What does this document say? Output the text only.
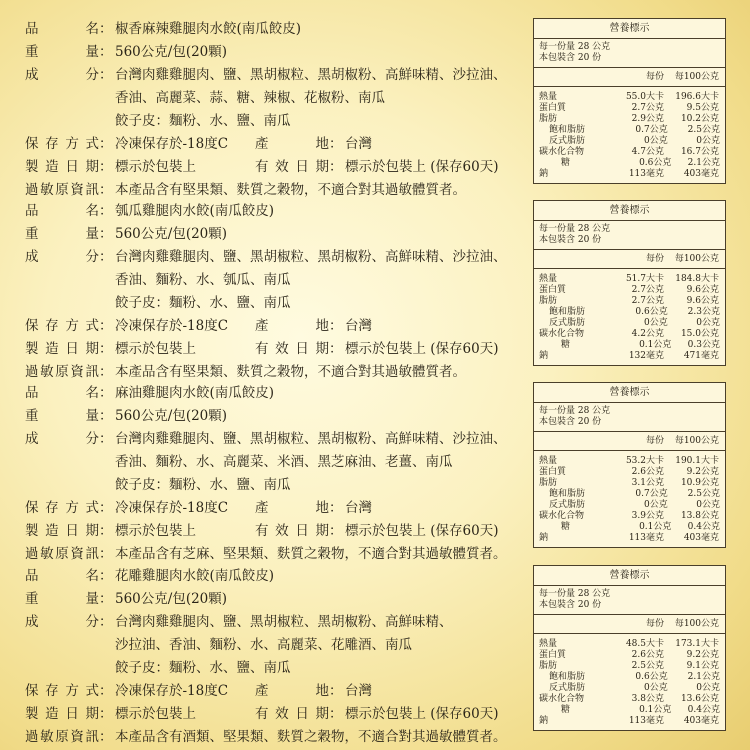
品名 ： 椒香麻辣雞腿肉水餃(南瓜餃皮)
重量 ： 560公克/包(20顆)
成分 ： 台灣肉雞雞腿肉、鹽、黑胡椒粒、黑胡椒粉、高鮮味精、沙拉油、
香油、高麗菜、蒜、糖、辣椒、花椒粉、南瓜
餃子皮：麵粉、水、鹽、南瓜
保存方式 ： 冷凍保存於-18度C	產地 ： 台灣
製造日期 ： 標示於包裝上	有效日期 ： 標示於包裝上 (保存60天)
過敏原資訊 ： 本產品含有堅果類、麩質之穀物，不適合對其過敏體質者。
營養標示
每一份量 28 公克
本包裝含 20 份
每份	每100公克
熱量	55.0大卡	196.6大卡
蛋白質	2.7公克	9.5公克
脂肪	2.9公克	10.2公克
飽和脂肪	0.7公克	2.5公克
反式脂肪	0公克	0公克
碳水化合物	4.7公克	16.7公克
糖	0.6公克	2.1公克
鈉	113毫克	403毫克
品名 ： 瓠瓜雞腿肉水餃(南瓜餃皮)
重量 ： 560公克/包(20顆)
成分 ： 台灣肉雞雞腿肉、鹽、黑胡椒粒、黑胡椒粉、高鮮味精、沙拉油、
香油、麵粉、水、瓠瓜、南瓜
餃子皮：麵粉、水、鹽、南瓜
保存方式 ： 冷凍保存於-18度C	產地 ： 台灣
製造日期 ： 標示於包裝上	有效日期 ： 標示於包裝上 (保存60天)
過敏原資訊 ： 本產品含有堅果類、麩質之穀物，不適合對其過敏體質者。
營養標示
每一份量 28 公克
本包裝含 20 份
每份	每100公克
熱量	51.7大卡	184.8大卡
蛋白質	2.7公克	9.6公克
脂肪	2.7公克	9.6公克
飽和脂肪	0.6公克	2.3公克
反式脂肪	0公克	0公克
碳水化合物	4.2公克	15.0公克
糖	0.1公克	0.3公克
鈉	132毫克	471毫克
品名 ： 麻油雞腿肉水餃(南瓜餃皮)
重量 ： 560公克/包(20顆)
成分 ： 台灣肉雞雞腿肉、鹽、黑胡椒粒、黑胡椒粉、高鮮味精、沙拉油、
香油、麵粉、水、高麗菜、米酒、黑芝麻油、老薑、南瓜
餃子皮：麵粉、水、鹽、南瓜
保存方式 ： 冷凍保存於-18度C	產地 ： 台灣
製造日期 ： 標示於包裝上	有效日期 ： 標示於包裝上 (保存60天)
過敏原資訊 ： 本產品含有芝麻、堅果類、麩質之穀物，不適合對其過敏體質者。
營養標示
每一份量 28 公克
本包裝含 20 份
每份	每100公克
熱量	53.2大卡	190.1大卡
蛋白質	2.6公克	9.2公克
脂肪	3.1公克	10.9公克
飽和脂肪	0.7公克	2.5公克
反式脂肪	0公克	0公克
碳水化合物	3.9公克	13.8公克
糖	0.1公克	0.4公克
鈉	113毫克	403毫克
品名 ： 花雕雞腿肉水餃(南瓜餃皮)
重量 ： 560公克/包(20顆)
成分 ： 台灣肉雞雞腿肉、鹽、黑胡椒粒、黑胡椒粉、高鮮味精、
沙拉油、香油、麵粉、水、高麗菜、花雕酒、南瓜
餃子皮：麵粉、水、鹽、南瓜
保存方式 ： 冷凍保存於-18度C	產地 ： 台灣
製造日期 ： 標示於包裝上	有效日期 ： 標示於包裝上 (保存60天)
過敏原資訊 ： 本產品含有酒類、堅果類、麩質之穀物，不適合對其過敏體質者。
營養標示
每一份量 28 公克
本包裝含 20 份
每份	每100公克
熱量	48.5大卡	173.1大卡
蛋白質	2.6公克	9.2公克
脂肪	2.5公克	9.1公克
飽和脂肪	0.6公克	2.1公克
反式脂肪	0公克	0公克
碳水化合物	3.8公克	13.6公克
糖	0.1公克	0.4公克
鈉	113毫克	403毫克
